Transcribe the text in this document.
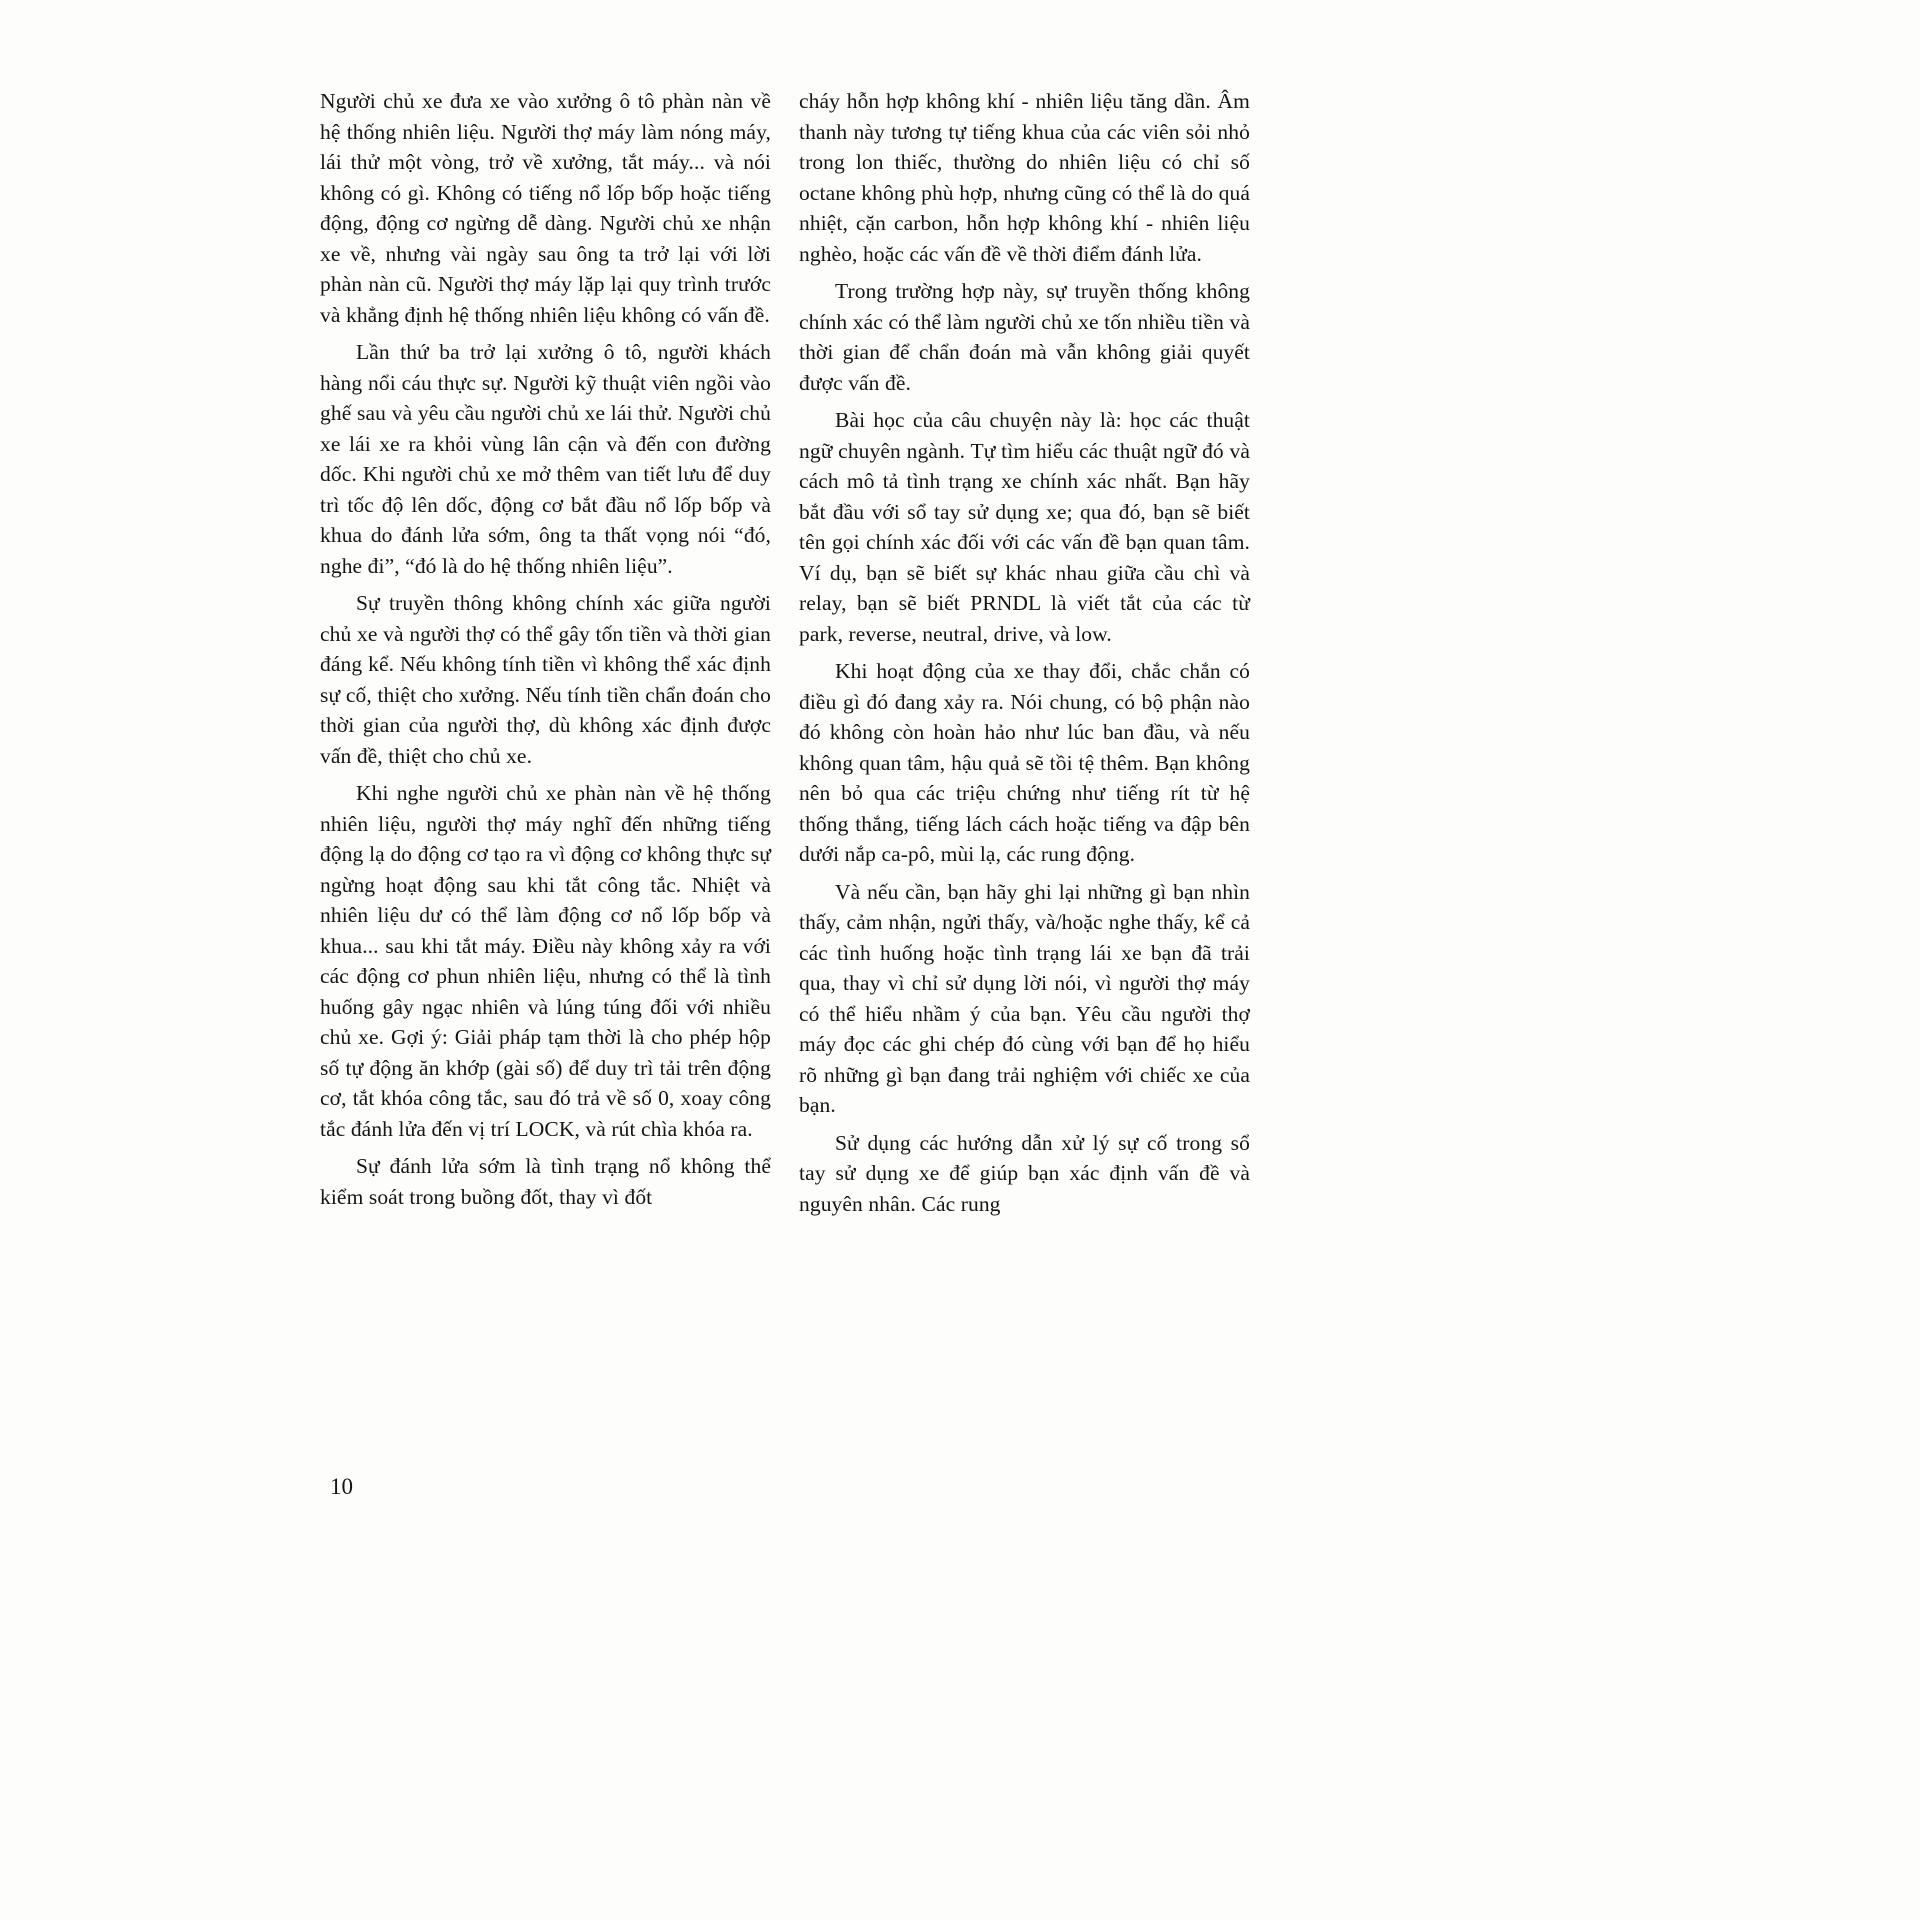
Người chủ xe đưa xe vào xưởng ô tô phàn nàn về hệ thống nhiên liệu. Người thợ máy làm nóng máy, lái thử một vòng, trở về xưởng, tắt máy... và nói không có gì. Không có tiếng nổ lốp bốp hoặc tiếng động, động cơ ngừng dễ dàng. Người chủ xe nhận xe về, nhưng vài ngày sau ông ta trở lại với lời phàn nàn cũ. Người thợ máy lặp lại quy trình trước và khẳng định hệ thống nhiên liệu không có vấn đề.

Lần thứ ba trở lại xưởng ô tô, người khách hàng nổi cáu thực sự. Người kỹ thuật viên ngồi vào ghế sau và yêu cầu người chủ xe lái thử. Người chủ xe lái xe ra khỏi vùng lân cận và đến con đường dốc. Khi người chủ xe mở thêm van tiết lưu để duy trì tốc độ lên dốc, động cơ bắt đầu nổ lốp bốp và khua do đánh lửa sớm, ông ta thất vọng nói “đó, nghe đi”, “đó là do hệ thống nhiên liệu”.

Sự truyền thông không chính xác giữa người chủ xe và người thợ có thể gây tốn tiền và thời gian đáng kể. Nếu không tính tiền vì không thể xác định sự cố, thiệt cho xưởng. Nếu tính tiền chẩn đoán cho thời gian của người thợ, dù không xác định được vấn đề, thiệt cho chủ xe.

Khi nghe người chủ xe phàn nàn về hệ thống nhiên liệu, người thợ máy nghĩ đến những tiếng động lạ do động cơ tạo ra vì động cơ không thực sự ngừng hoạt động sau khi tắt công tắc. Nhiệt và nhiên liệu dư có thể làm động cơ nổ lốp bốp và khua... sau khi tắt máy. Điều này không xảy ra với các động cơ phun nhiên liệu, nhưng có thể là tình huống gây ngạc nhiên và lúng túng đối với nhiều chủ xe. Gợi ý: Giải pháp tạm thời là cho phép hộp số tự động ăn khớp (gài số) để duy trì tải trên động cơ, tắt khóa công tắc, sau đó trả về số 0, xoay công tắc đánh lửa đến vị trí LOCK, và rút chìa khóa ra.

Sự đánh lửa sớm là tình trạng nổ không thể kiểm soát trong buồng đốt, thay vì đốt

cháy hỗn hợp không khí - nhiên liệu tăng dần. Âm thanh này tương tự tiếng khua của các viên sỏi nhỏ trong lon thiếc, thường do nhiên liệu có chỉ số octane không phù hợp, nhưng cũng có thể là do quá nhiệt, cặn carbon, hỗn hợp không khí - nhiên liệu nghèo, hoặc các vấn đề về thời điểm đánh lửa.

Trong trường hợp này, sự truyền thống không chính xác có thể làm người chủ xe tốn nhiều tiền và thời gian để chẩn đoán mà vẫn không giải quyết được vấn đề.

Bài học của câu chuyện này là: học các thuật ngữ chuyên ngành. Tự tìm hiểu các thuật ngữ đó và cách mô tả tình trạng xe chính xác nhất. Bạn hãy bắt đầu với sổ tay sử dụng xe; qua đó, bạn sẽ biết tên gọi chính xác đối với các vấn đề bạn quan tâm. Ví dụ, bạn sẽ biết sự khác nhau giữa cầu chì và relay, bạn sẽ biết PRNDL là viết tắt của các từ park, reverse, neutral, drive, và low.

Khi hoạt động của xe thay đổi, chắc chắn có điều gì đó đang xảy ra. Nói chung, có bộ phận nào đó không còn hoàn hảo như lúc ban đầu, và nếu không quan tâm, hậu quả sẽ tồi tệ thêm. Bạn không nên bỏ qua các triệu chứng như tiếng rít từ hệ thống thắng, tiếng lách cách hoặc tiếng va đập bên dưới nắp ca-pô, mùi lạ, các rung động.

Và nếu cần, bạn hãy ghi lại những gì bạn nhìn thấy, cảm nhận, ngửi thấy, và/hoặc nghe thấy, kể cả các tình huống hoặc tình trạng lái xe bạn đã trải qua, thay vì chỉ sử dụng lời nói, vì người thợ máy có thể hiểu nhầm ý của bạn. Yêu cầu người thợ máy đọc các ghi chép đó cùng với bạn để họ hiểu rõ những gì bạn đang trải nghiệm với chiếc xe của bạn.

Sử dụng các hướng dẫn xử lý sự cố trong sổ tay sử dụng xe để giúp bạn xác định vấn đề và nguyên nhân. Các rung

10
